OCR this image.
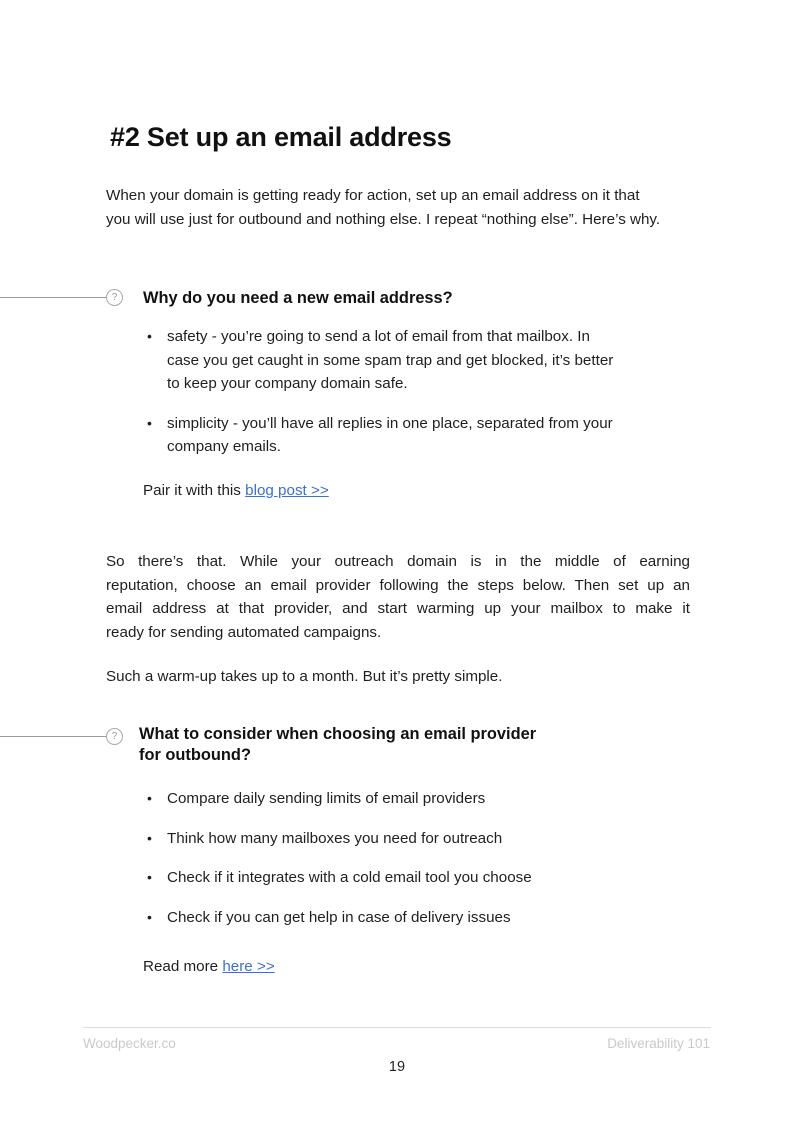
#2 Set up an email address

When your domain is getting ready for action, set up an email address on it that

you will use just for outbound and nothing else. I repeat “nothing else”. Here’s why.

?	Why do you need a new email address?
• safety - you’re going to send a lot of email from that mailbox. In
case you get caught in some spam trap and get blocked, it’s better
to keep your company domain safe.
• simplicity - you’ll have all replies in one place, separated from your
company emails.

Pair it with this blog post >>

So there’s that. While your outreach domain is in the middle of earning
reputation, choose an email provider following the steps below. Then set up an
email address at that provider, and start warming up your mailbox to make it
ready for sending automated campaigns.

Such a warm-up takes up to a month. But it’s pretty simple.

?	What to consider when choosing an email provider
for outbound?
• Compare daily sending limits of email providers
• Think how many mailboxes you need for outreach
• Check if it integrates with a cold email tool you choose
• Check if you can get help in case of delivery issues

Read more here >>

Woodpecker.co	Deliverability 101
19
